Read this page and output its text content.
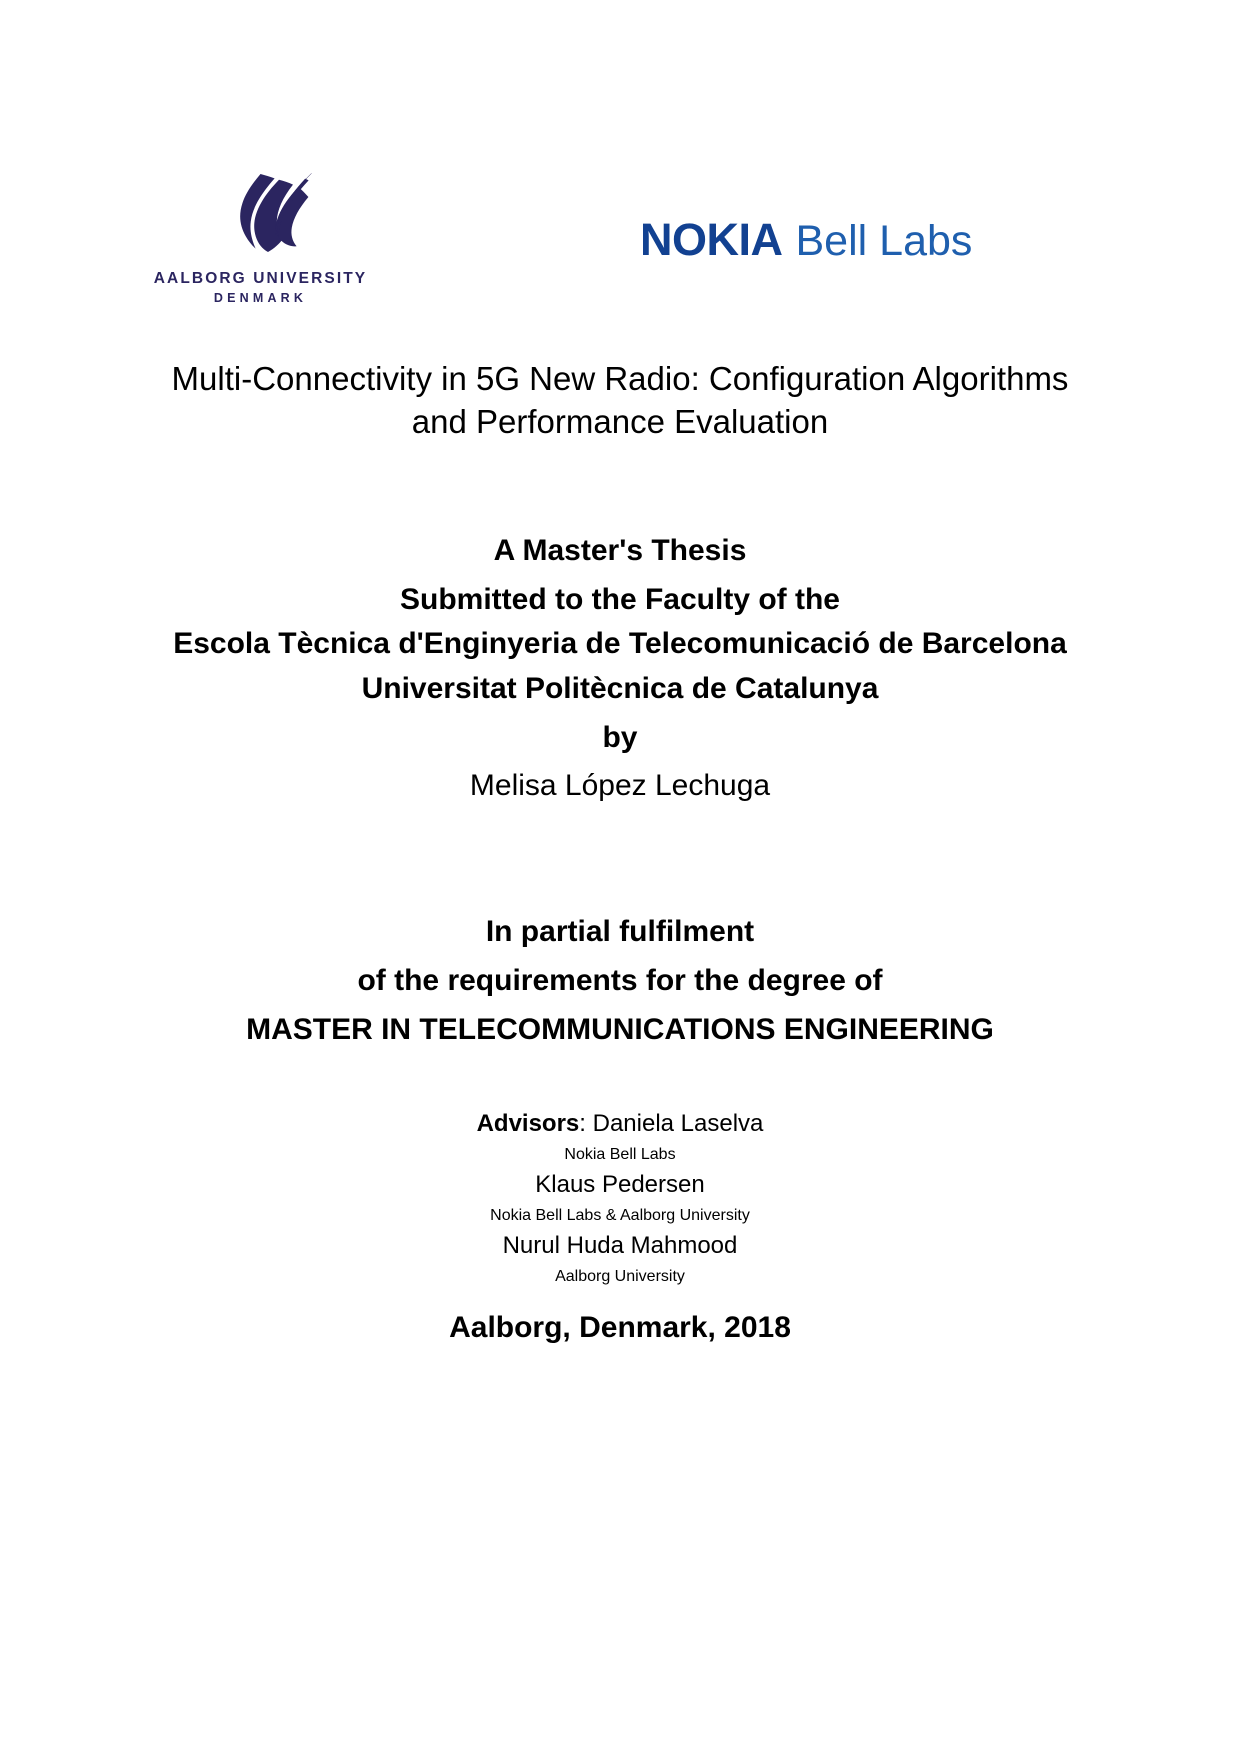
AALBORG UNIVERSITY
DENMARK
NOKIA Bell Labs
Multi-Connectivity in 5G New Radio: Configuration Algorithms
and Performance Evaluation
A Master's Thesis
Submitted to the Faculty of the
Escola Tècnica d'Enginyeria de Telecomunicació de Barcelona
Universitat Politècnica de Catalunya
by
Melisa López Lechuga
In partial fulfilment
of the requirements for the degree of
MASTER IN TELECOMMUNICATIONS ENGINEERING
Advisors: Daniela Laselva
Nokia Bell Labs
Klaus Pedersen
Nokia Bell Labs & Aalborg University
Nurul Huda Mahmood
Aalborg University
Aalborg, Denmark, 2018
